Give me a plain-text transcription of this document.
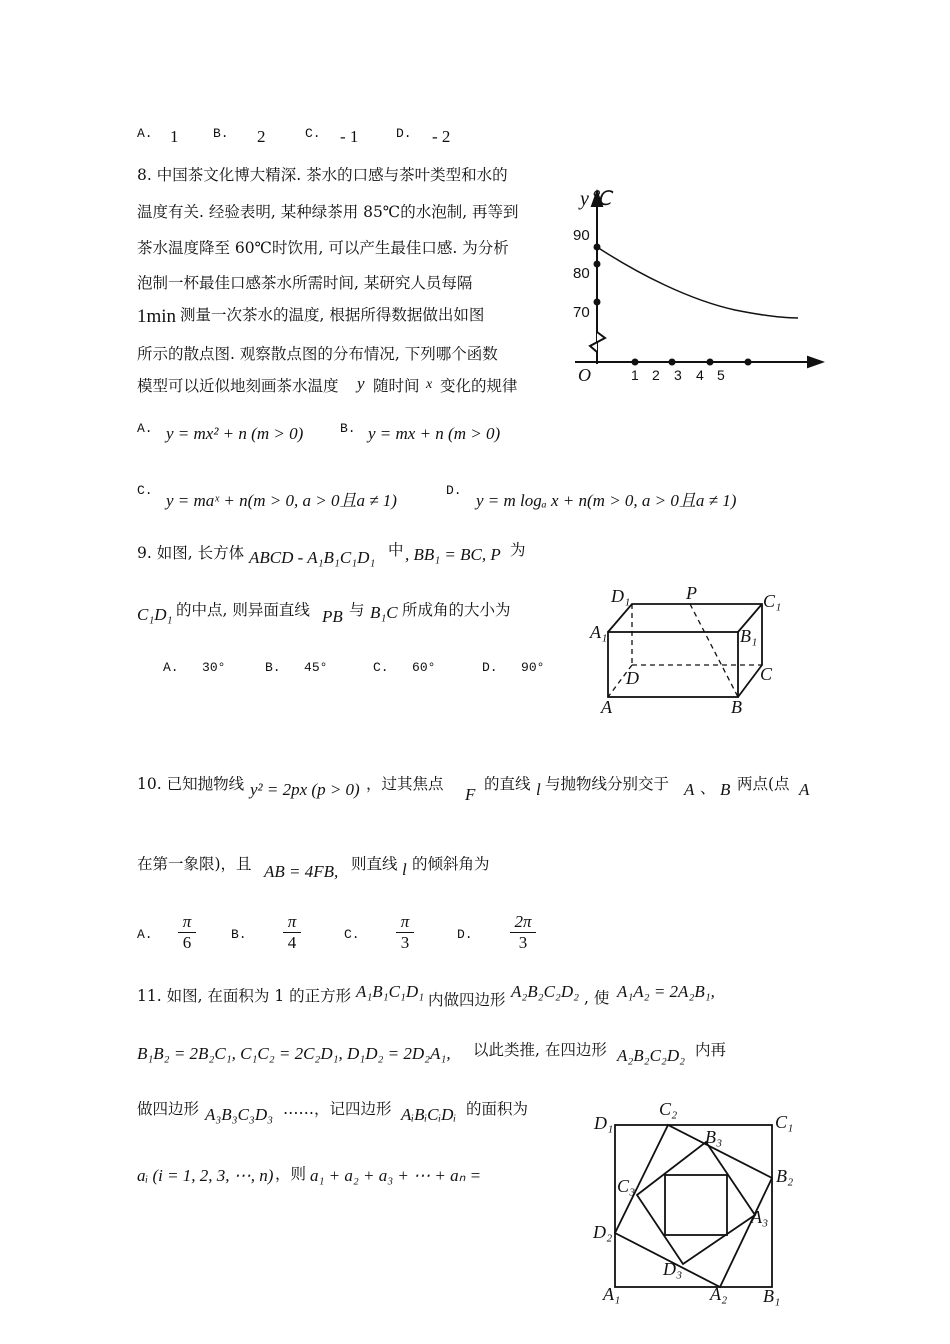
A. 1	B. 2	C. - 1	D. - 2
8. 中国茶文化博大精深. 茶水的口感与茶叶类型和水的
温度有关. 经验表明, 某种绿茶用 85℃的水泡制, 再等到
茶水温度降至 60℃时饮用, 可以产生最佳口感. 为分析
泡制一杯最佳口感茶水所需时间, 某研究人员每隔
1min 测量一次茶水的温度, 根据所得数据做出如图
所示的散点图. 观察散点图的分布情况, 下列哪个函数
模型可以近似地刻画茶水温度 y 随时间 x 变化的规律
A. y = mx² + n (m > 0)	B. y = mx + n (m > 0)
C.
y = maˣ + n(m > 0, a > 0且a ≠ 1)
D.
y = m logₐ x + n(m > 0, a > 0且a ≠ 1)
y℃
90
80
70
O	1 2 3 4 5
9. 如图, 长方体 ABCD - A₁B₁C₁D₁ 中 , BB₁ = BC, P 为
C₁D₁ 的中点, 则异面直线 PB 与 B₁C 所成角的大小为
A. 30°	B. 45°	C. 60°	D. 90°
D₁	P	C₁
A₁	B₁
D	C
A	B
10. 已知抛物线 y² = 2px (p > 0) ，过其焦点
F
的直线 l 与抛物线分别交于 A 、 B 两点(点 A
在第一象限)，且 AB = 4FB, 则直线 l 的倾斜角为
A.	B.	C.	D.
$\frac{\pi}{6}$	$\frac{\pi}{4}$	$\frac{\pi}{3}$	$\frac{2\pi}{3}$
11. 如图, 在面积为 1 的正方形 A₁B₁C₁D₁ 内做四边形 A₂B₂C₂D₂ , 使 A₁A₂ = 2A₂B₁,
B₁B₂ = 2B₂C₁, C₁C₂ = 2C₂D₁, D₁D₂ = 2D₂A₁, 以此类推, 在四边形 A₂B₂C₂D₂ 内再
做四边形 A₃B₃C₃D₃ ……，记四边形 AᵢBᵢCᵢDᵢ 的面积为
aᵢ (i = 1, 2, 3, ⋯, n) ，则 a₁ + a₂ + a₃ + ⋯ + aₙ =
D₁
C₂
C₁
B₃
C₃	B₂
A₃
D₂
D₃
A₁	A₂ B₁
